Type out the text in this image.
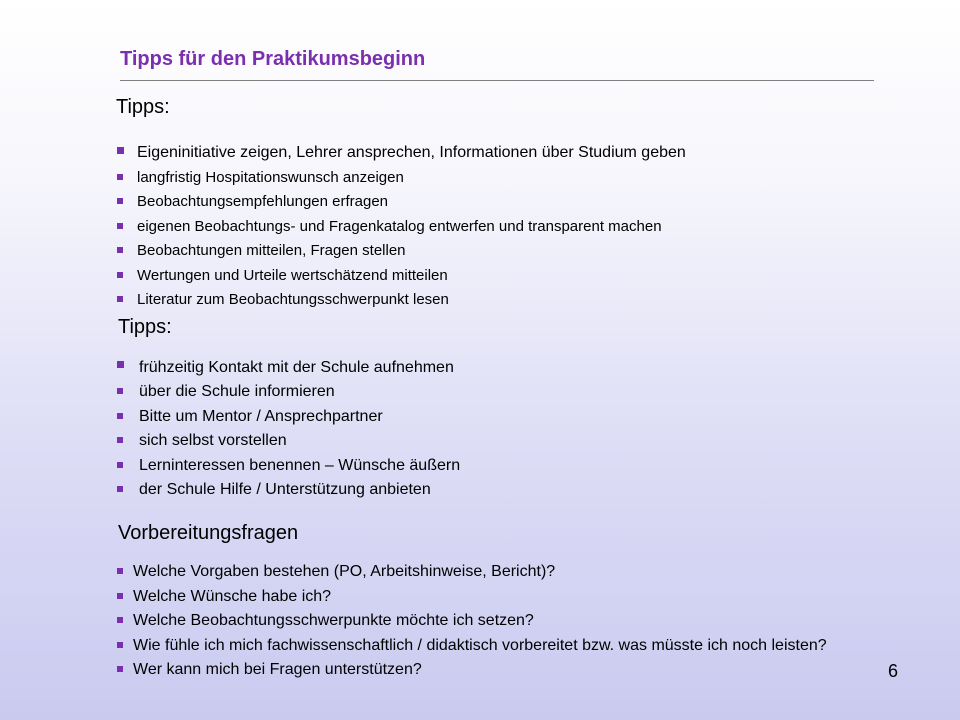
Tipps für den Praktikumsbeginn
Tipps:
Eigeninitiative zeigen, Lehrer ansprechen, Informationen über Studium geben
langfristig Hospitationswunsch anzeigen
Beobachtungsempfehlungen erfragen
eigenen Beobachtungs- und Fragenkatalog entwerfen und transparent machen
Beobachtungen mitteilen, Fragen stellen
Wertungen und Urteile wertschätzend mitteilen
Literatur zum Beobachtungsschwerpunkt lesen
Tipps:
frühzeitig Kontakt mit der Schule aufnehmen
über die Schule informieren
Bitte um Mentor / Ansprechpartner
sich selbst vorstellen
Lerninteressen benennen – Wünsche äußern
der Schule Hilfe / Unterstützung anbieten
Vorbereitungsfragen
Welche Vorgaben bestehen (PO, Arbeitshinweise, Bericht)?
Welche Wünsche habe ich?
Welche Beobachtungsschwerpunkte möchte ich setzen?
Wie fühle ich mich fachwissenschaftlich / didaktisch vorbereitet bzw. was müsste ich noch leisten?
Wer kann mich bei Fragen unterstützen?	6
